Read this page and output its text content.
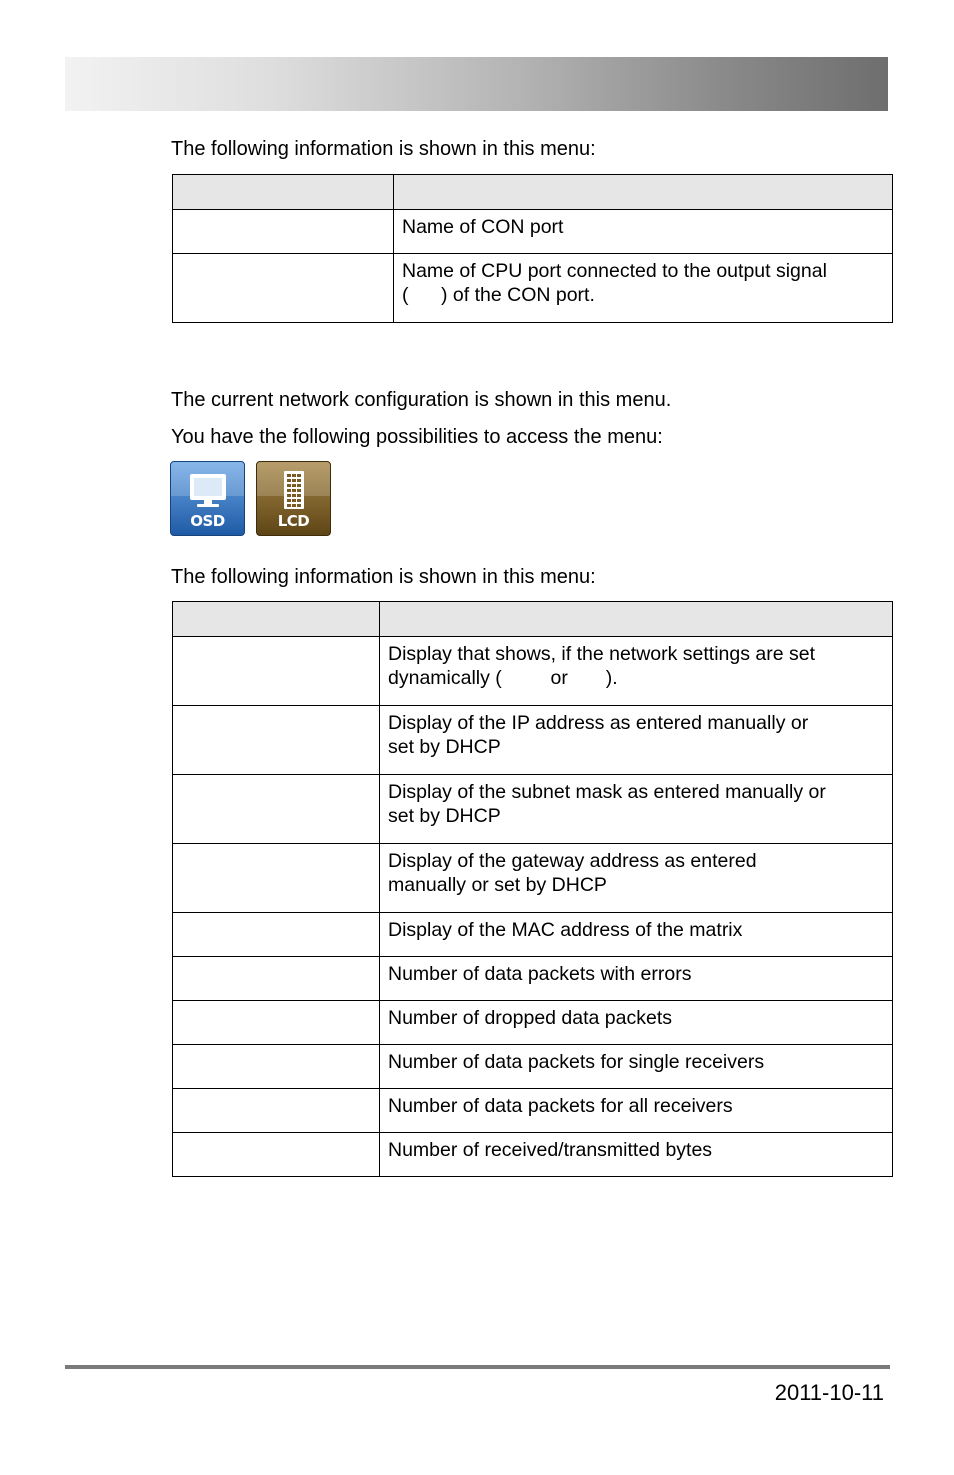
The following information is shown in this menu:

	Name of CON port
	Name of CPU port connected to the output signal
(      ) of the CON port.

The current network configuration is shown in this menu.

You have the following possibilities to access the menu:

OSD	LCD

The following information is shown in this menu:

	Display that shows, if the network settings are set
dynamically (         or       ).
	Display of the IP address as entered manually or
set by DHCP
	Display of the subnet mask as entered manually or
set by DHCP
	Display of the gateway address as entered
manually or set by DHCP
	Display of the MAC address of the matrix
	Number of data packets with errors
	Number of dropped data packets
	Number of data packets for single receivers
	Number of data packets for all receivers
	Number of received/transmitted bytes
2011-10-11
